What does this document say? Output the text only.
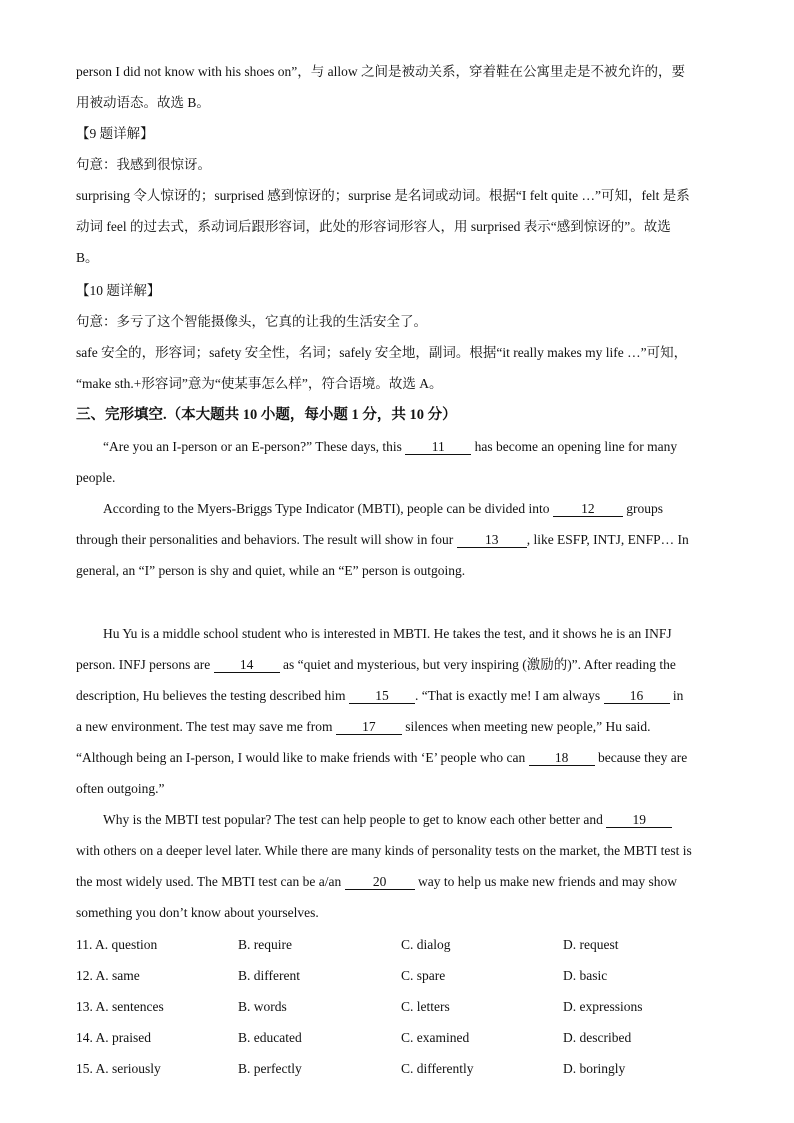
person I did not know with his shoes on”，与 allow 之间是被动关系，穿着鞋在公寓里走是不被允许的，要
用被动语态。故选 B。
【9 题详解】
句意：我感到很惊讶。
surprising 令人惊讶的；surprised 感到惊讶的；surprise 是名词或动词。根据“I felt quite …”可知，felt 是系
动词 feel 的过去式，系动词后跟形容词，此处的形容词形容人，用 surprised 表示“感到惊讶的”。故选
B。
【10 题详解】
句意：多亏了这个智能摄像头，它真的让我的生活安全了。
safe 安全的，形容词；safety 安全性，名词；safely 安全地，副词。根据“it really makes my life …”可知，
“make sth.+形容词”意为“使某事怎么样”，符合语境。故选 A。
三、完形填空.（本大题共 10 小题，每小题 1 分，共 10 分）
“Are you an I-person or an E-person?” These days, this 11 has become an opening line for many
people.
According to the Myers-Briggs Type Indicator (MBTI), people can be divided into 12 groups
through their personalities and behaviors. The result will show in four 13 , like ESFP, INTJ, ENFP… In
general, an “I” person is shy and quiet, while an “E” person is outgoing.
Hu Yu is a middle school student who is interested in MBTI. He takes the test, and it shows he is an INFJ
person. INFJ persons are 14 as “quiet and mysterious, but very inspiring (激励的)”. After reading the
description, Hu believes the testing described him 15 . “That is exactly me! I am always 16 in
a new environment. The test may save me from 17 silences when meeting new people,” Hu said.
“Although being an I-person, I would like to make friends with ‘E’ people who can 18 because they are
often outgoing.”
Why is the MBTI test popular? The test can help people to get to know each other better and 19
with others on a deeper level later. While there are many kinds of personality tests on the market, the MBTI test is
the most widely used. The MBTI test can be a/an 20 way to help us make new friends and may show
something you don’t know about yourselves.
11. A. question	B. require	C. dialog	D. request
12. A. same	B. different	C. spare	D. basic
13. A. sentences	B. words	C. letters	D. expressions
14. A. praised	B. educated	C. examined	D. described
15. A. seriously	B. perfectly	C. differently	D. boringly
